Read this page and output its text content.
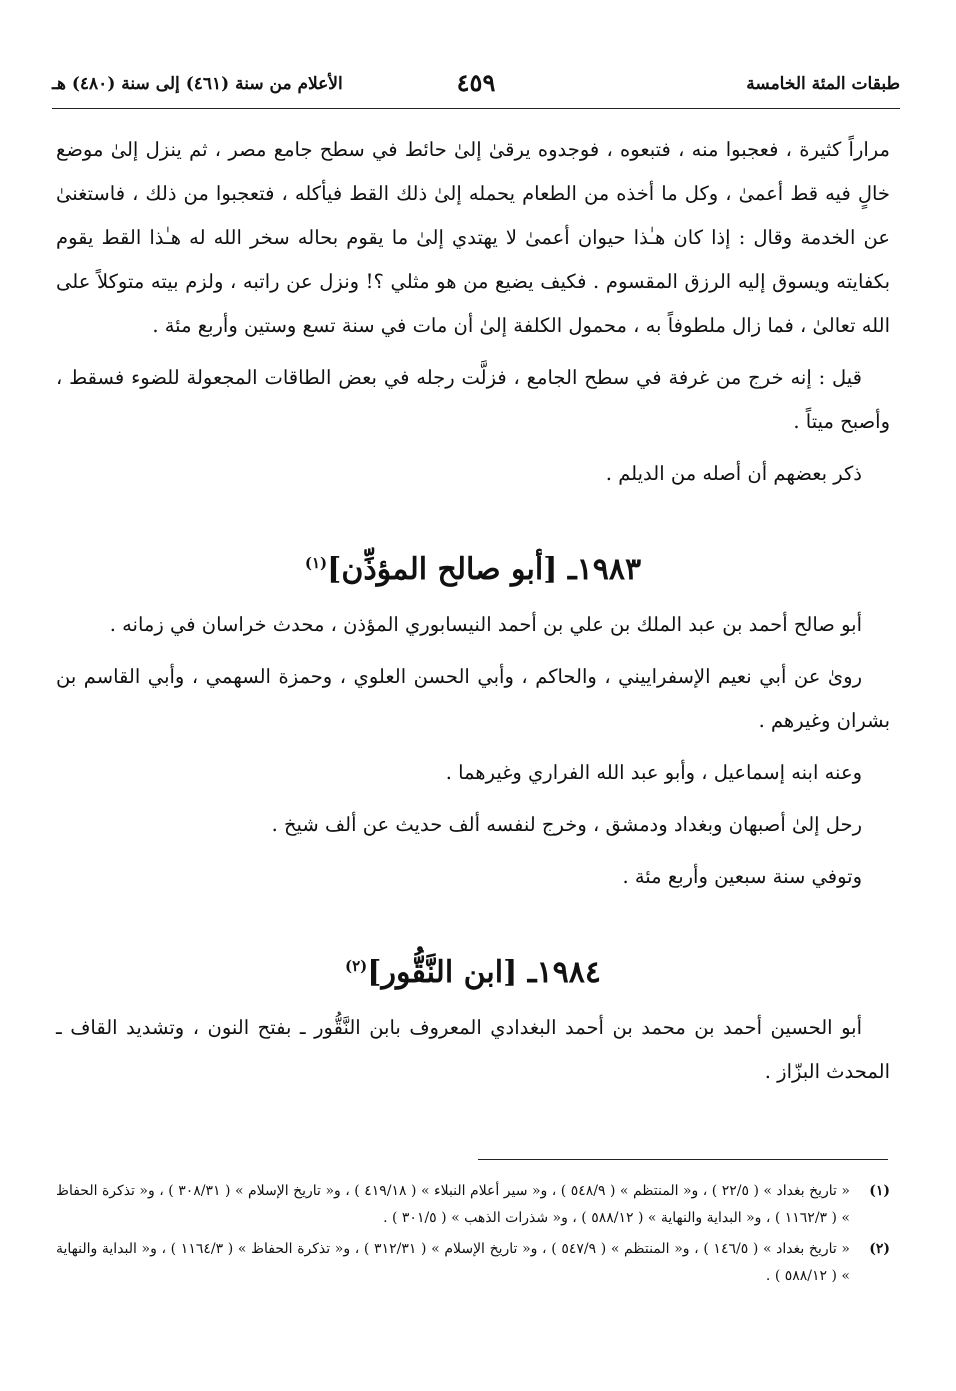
طبقات المئة الخامسة
٤٥٩
الأعلام من سنة (٤٦١) إلى سنة (٤٨٠) هـ

مراراً كثيرة ، فعجبوا منه ، فتبعوه ، فوجدوه يرقىٰ إلىٰ حائط في سطح جامع مصر ، ثم ينزل إلىٰ موضع خالٍ فيه قط أعمىٰ ، وكل ما أخذه من الطعام يحمله إلىٰ ذلك القط فيأكله ، فتعجبوا من ذلك ، فاستغنىٰ عن الخدمة وقال : إذا كان هـٰذا حيوان أعمىٰ لا يهتدي إلىٰ ما يقوم بحاله سخر الله له هـٰذا القط يقوم بكفايته ويسوق إليه الرزق المقسوم . فكيف يضيع من هو مثلي ؟! ونزل عن راتبه ، ولزم بيته متوكلاً على الله تعالىٰ ، فما زال ملطوفاً به ، محمول الكلفة إلىٰ أن مات في سنة تسع وستين وأربع مئة .

قيل : إنه خرج من غرفة في سطح الجامع ، فزلَّت رجله في بعض الطاقات المجعولة للضوء فسقط ، وأصبح ميتاً .

ذكر بعضهم أن أصله من الديلم .

١٩٨٣ـ [أبو صالح المؤذِّن]$^{(١)}$

أبو صالح أحمد بن عبد الملك بن علي بن أحمد النيسابوري المؤذن ، محدث خراسان في زمانه .

روىٰ عن أبي نعيم الإسفراييني ، والحاكم ، وأبي الحسن العلوي ، وحمزة السهمي ، وأبي القاسم بن بشران وغيرهم .

وعنه ابنه إسماعيل ، وأبو عبد الله الفراري وغيرهما .

رحل إلىٰ أصبهان وبغداد ودمشق ، وخرج لنفسه ألف حديث عن ألف شيخ .

وتوفي سنة سبعين وأربع مئة .

١٩٨٤ـ [ابن النَّقُّور]$^{(٢)}$

أبو الحسين أحمد بن محمد بن أحمد البغدادي المعروف بابن النَّقُّور ـ بفتح النون ، وتشديد القاف ـ المحدث البزّاز .

(١)
« تاريخ بغداد » ( ٢٢/٥ ) ، و« المنتظم » ( ٥٤٨/٩ ) ، و« سير أعلام النبلاء » ( ٤١٩/١٨ ) ، و« تاريخ الإسلام » ( ٣٠٨/٣١ ) ، و« تذكرة الحفاظ » ( ١١٦٢/٣ ) ، و« البداية والنهاية » ( ٥٨٨/١٢ ) ، و« شذرات الذهب » ( ٣٠١/٥ ) .
(٢)
« تاريخ بغداد » ( ١٤٦/٥ ) ، و« المنتظم » ( ٥٤٧/٩ ) ، و« تاريخ الإسلام » ( ٣١٢/٣١ ) ، و« تذكرة الحفاظ » ( ١١٦٤/٣ ) ، و« البداية والنهاية » ( ٥٨٨/١٢ ) .
